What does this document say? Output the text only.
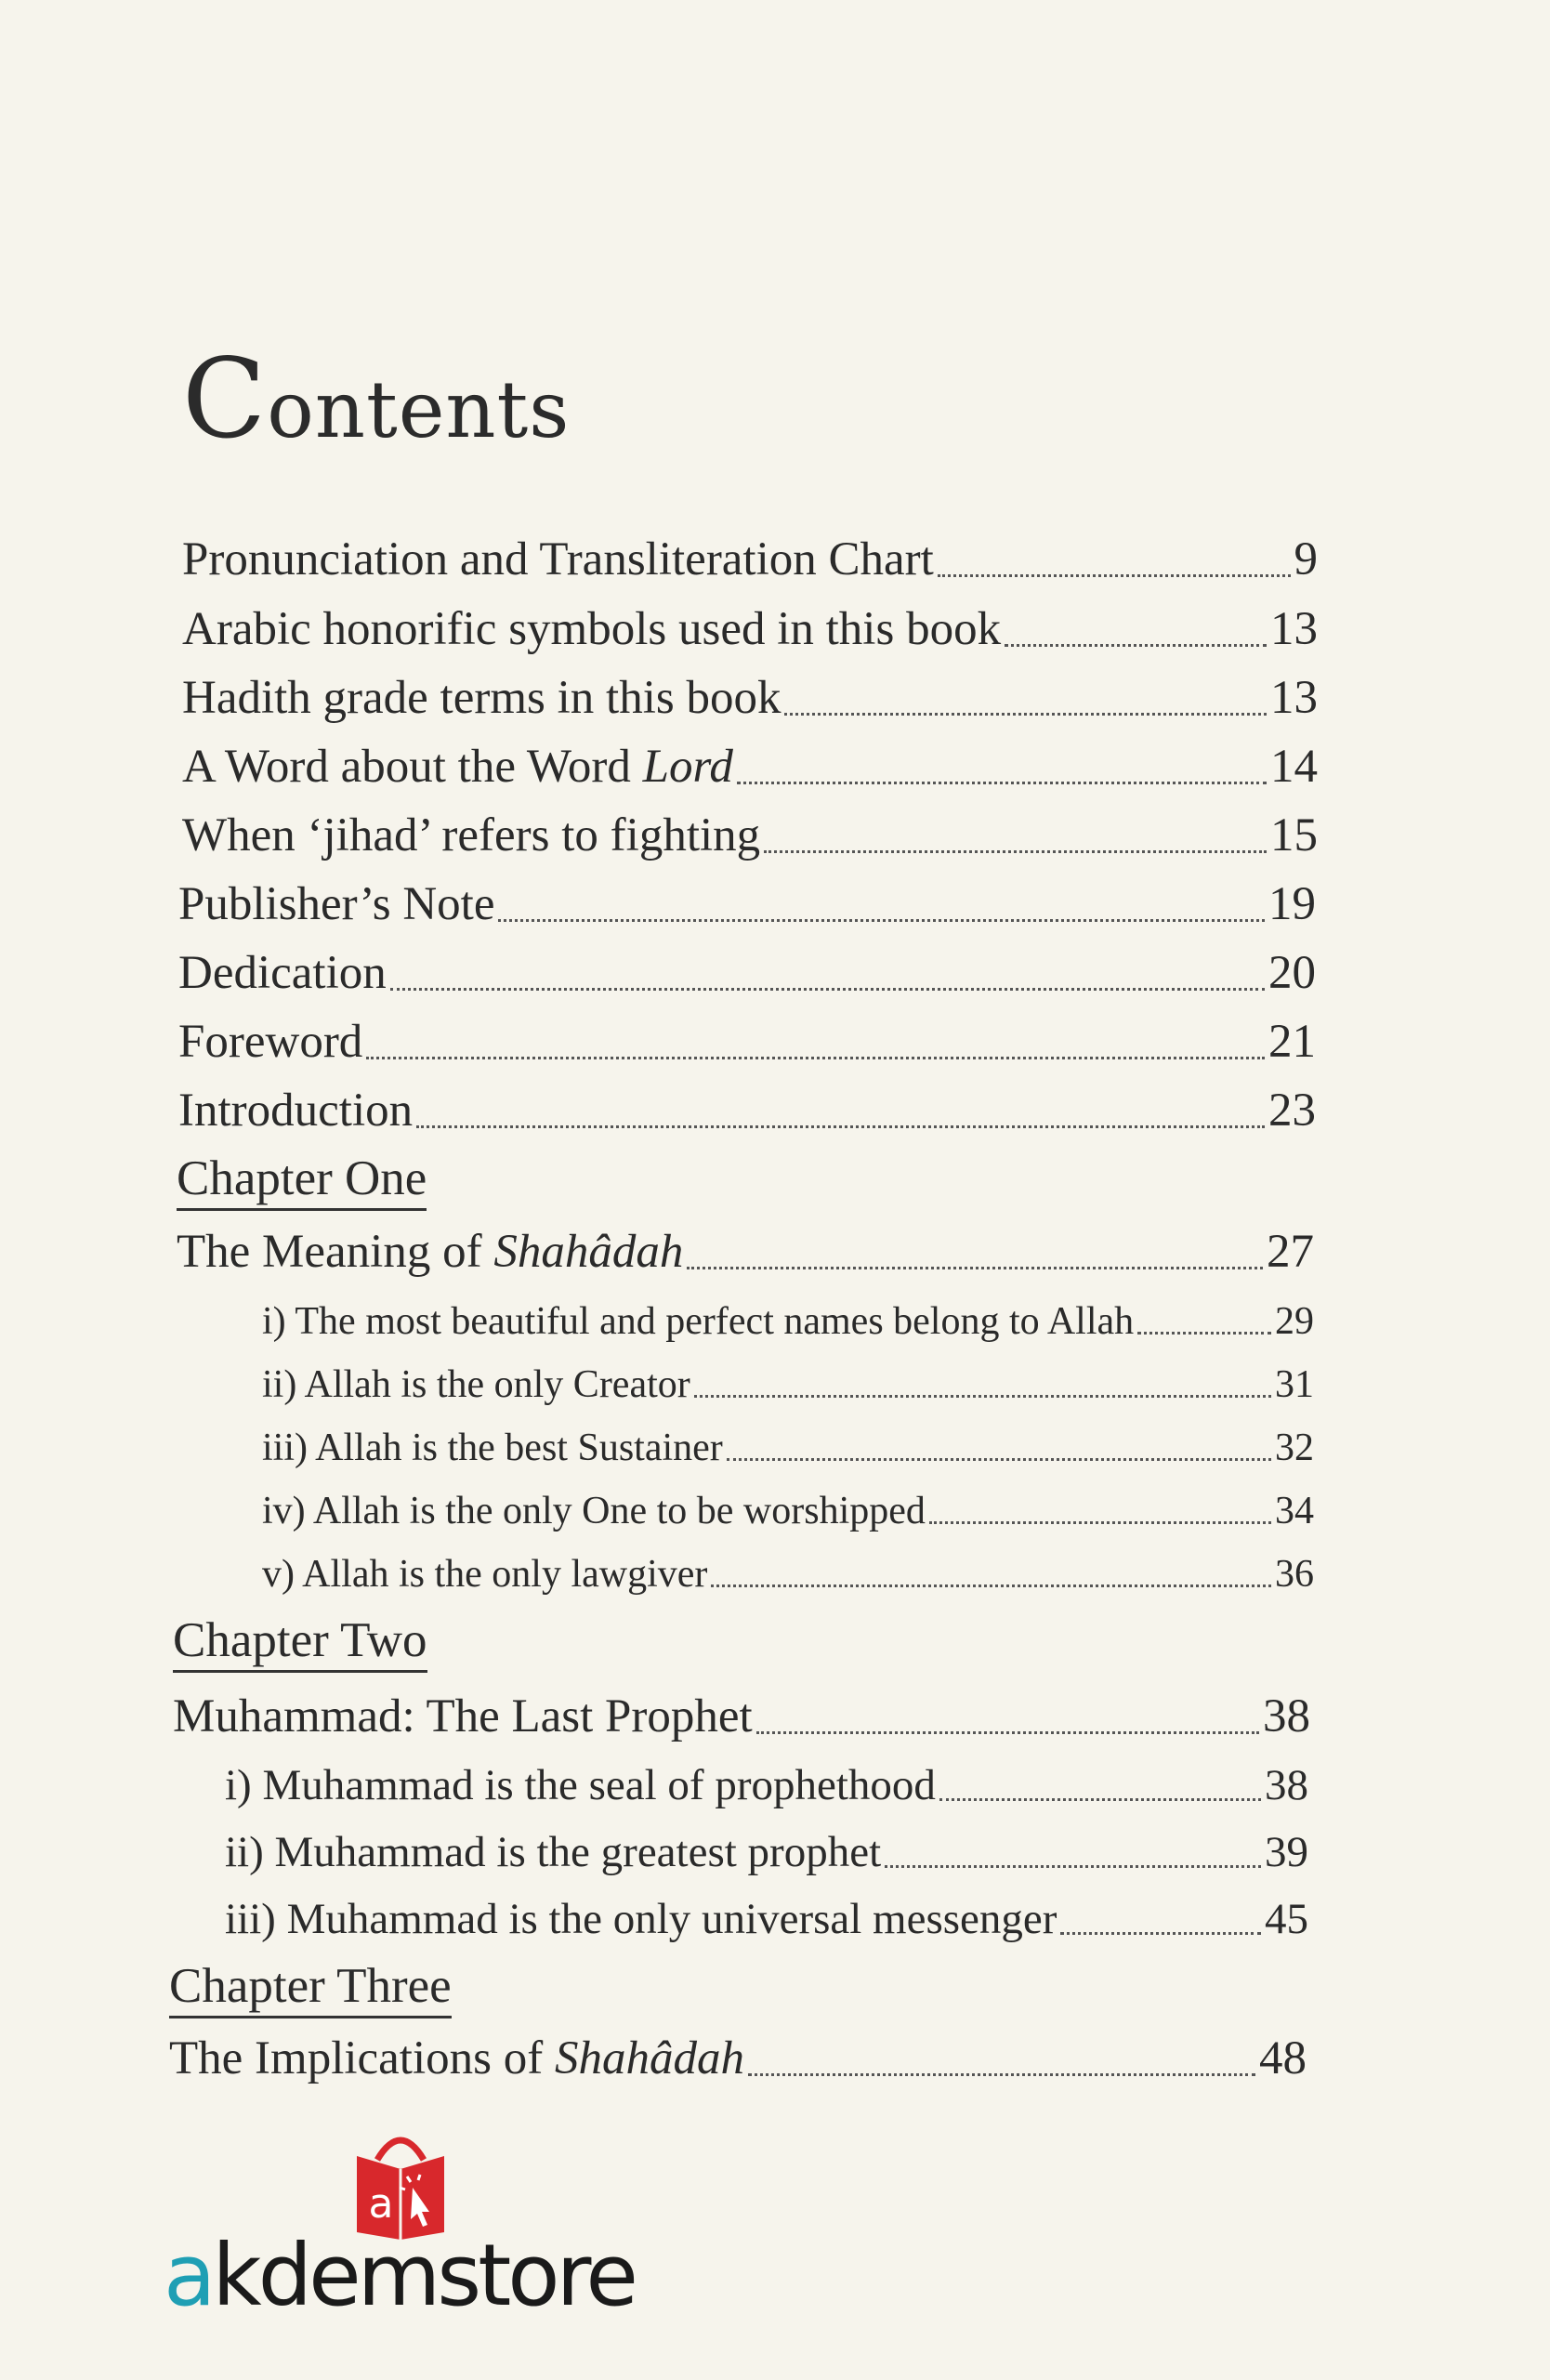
Contents
Pronunciation and Transliteration Chart	9
Arabic honorific symbols used in this book	13
Hadith grade terms in this book	13
A Word about the Word Lord	14
When ‘jihad’ refers to fighting	15
Publisher’s Note	19
Dedication	20
Foreword	21
Introduction	23
Chapter One
The Meaning of Shahâdah	27
i) The most beautiful and perfect names belong to Allah	29
ii) Allah is the only Creator	31
iii) Allah is the best Sustainer	32
iv) Allah is the only One to be worshipped	34
v) Allah is the only lawgiver	36
Chapter Two
Muhammad: The Last Prophet	38
i) Muhammad is the seal of prophethood	38
ii) Muhammad is the greatest prophet	39
iii) Muhammad is the only universal messenger	45
Chapter Three
The Implications of Shahâdah	48
a
akdemstore
